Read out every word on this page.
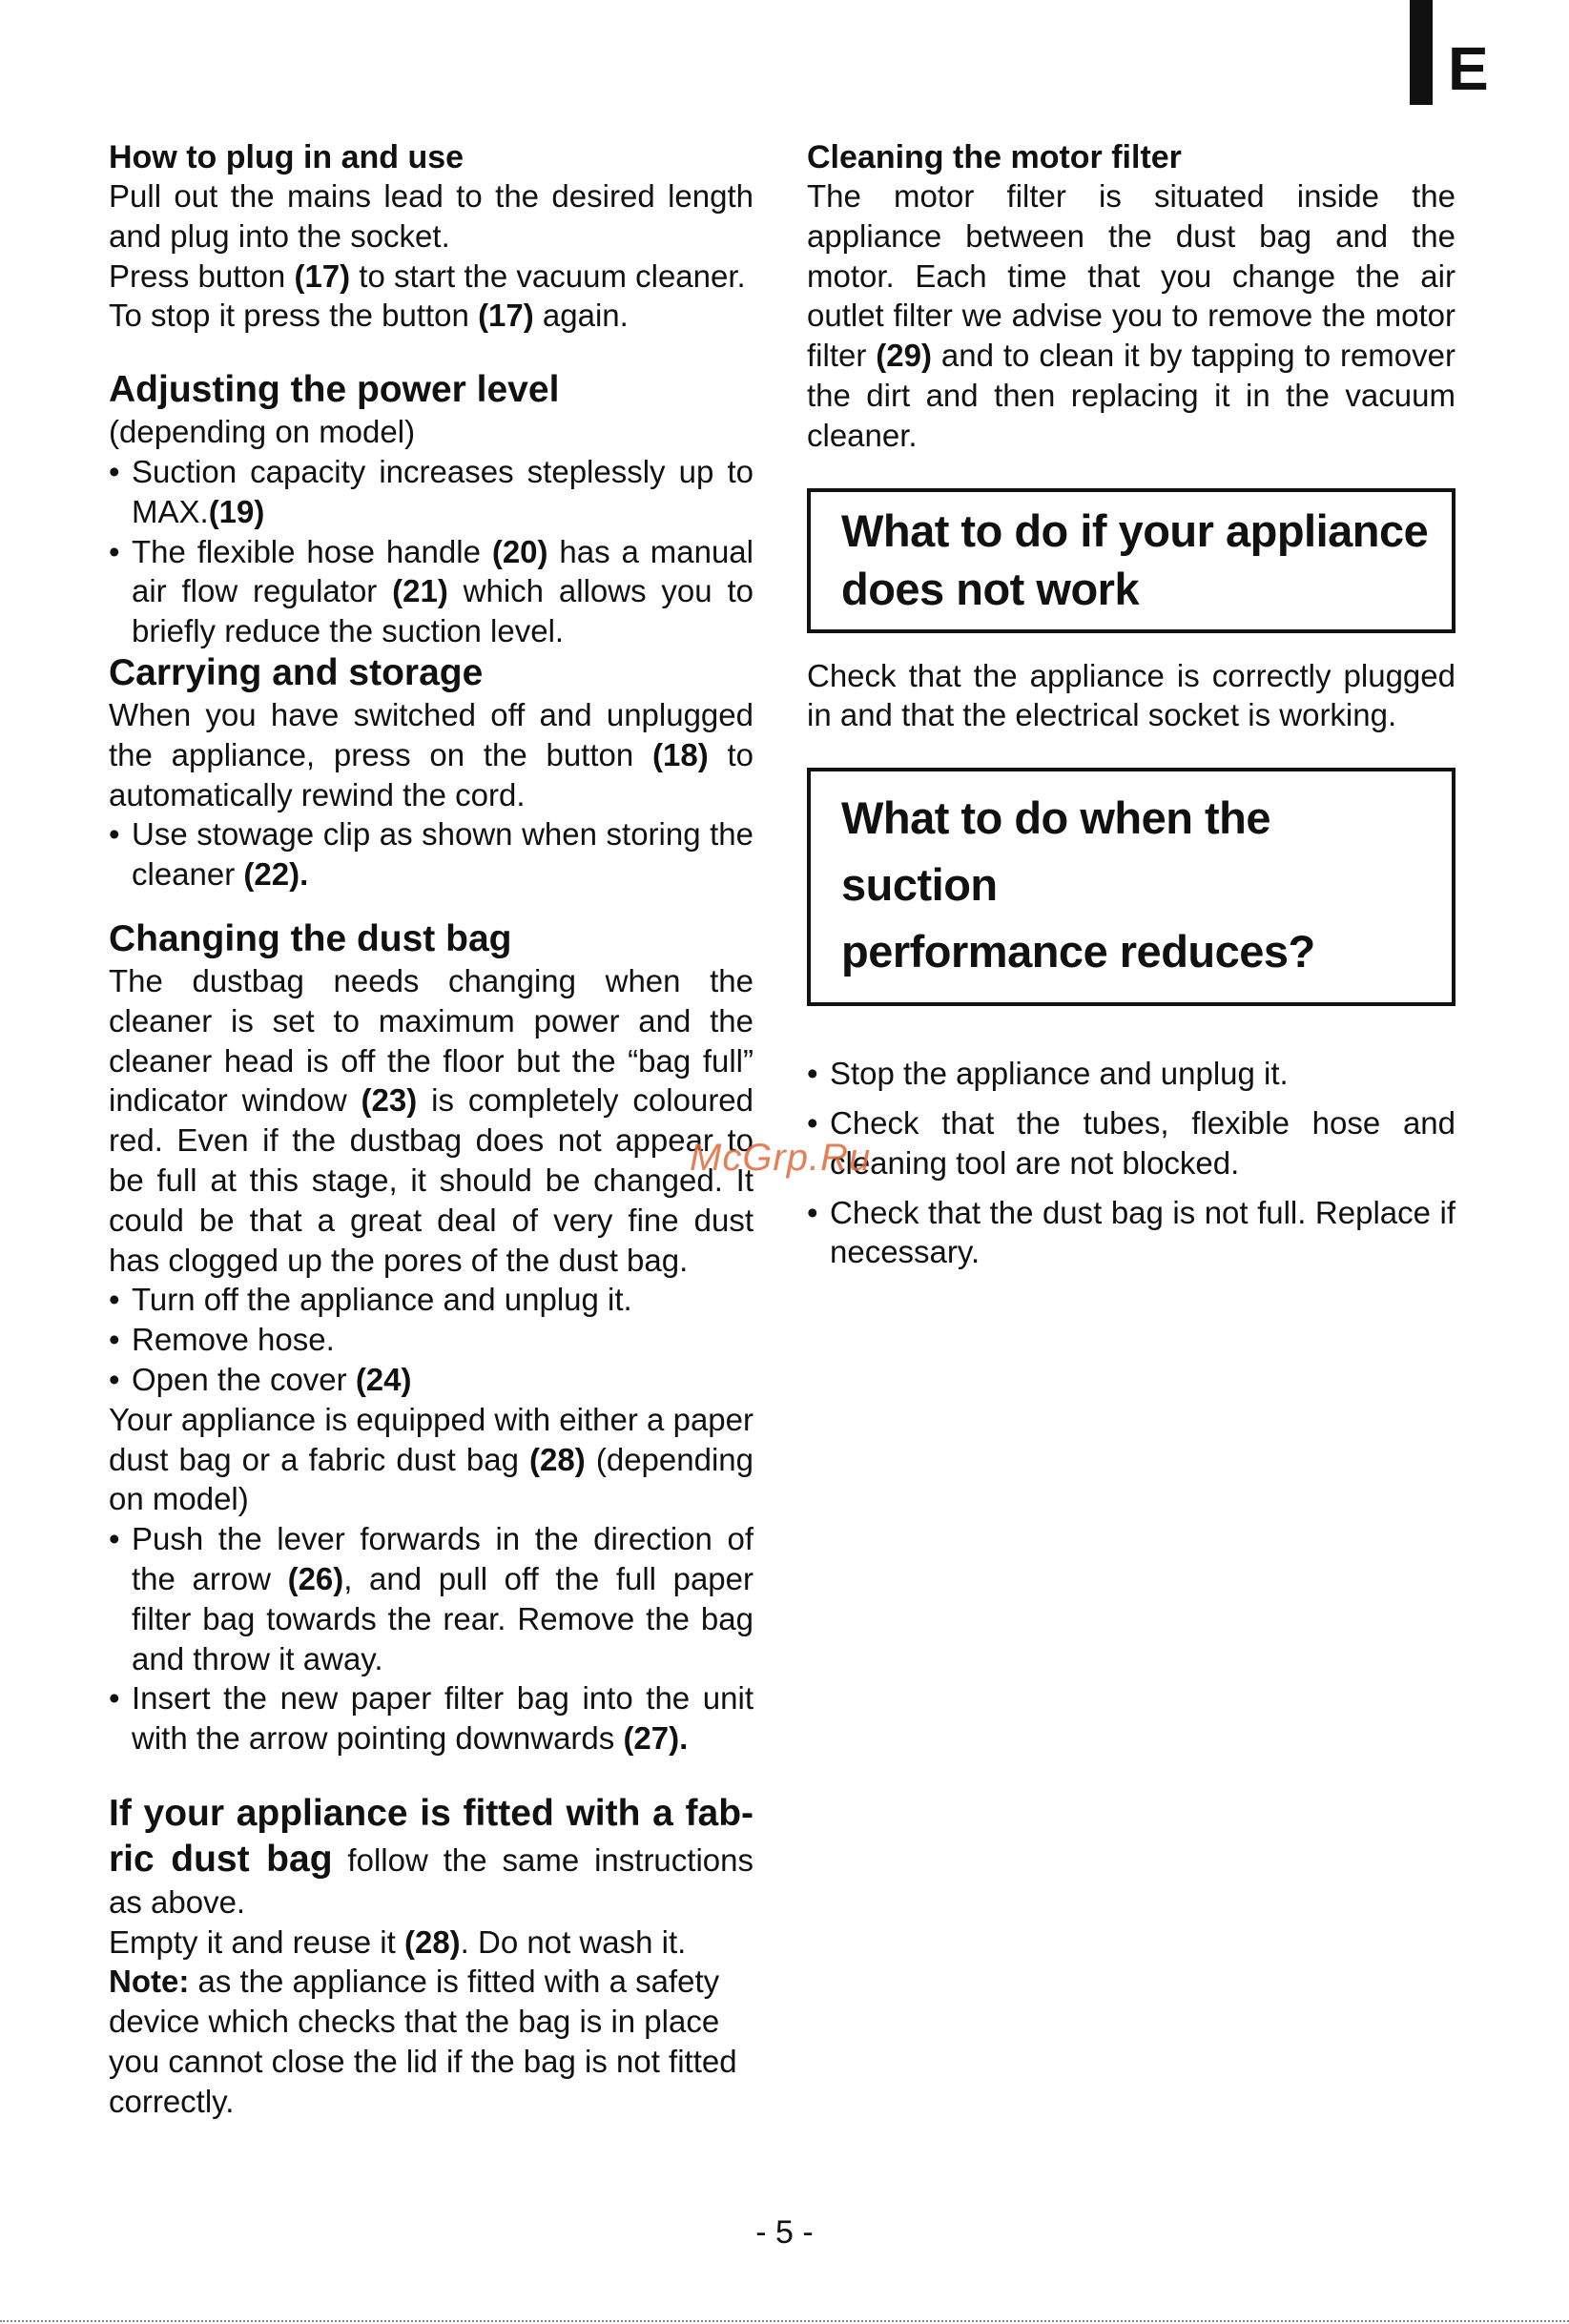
E
How to plug in and use

Pull out the mains lead to the desired length and plug into the socket.

Press button (17) to start the vacuum cleaner.

To stop it press the button (17) again.

Adjusting the power level

(depending on model)

• Suction capacity increases steplessly up to MAX.(19)
• The flexible hose handle (20) has a manual air flow regulator (21) which allows you to briefly reduce the suction level.
Carrying and storage

When you have switched off and unplugged the appliance, press on the button (18) to automatically rewind the cord.

• Use stowage clip as shown when storing the cleaner (22).
Changing the dust bag

The dustbag needs changing when the cleaner is set to maximum power and the cleaner head is off the floor but the “bag full” indicator window (23) is completely coloured red. Even if the dustbag does not appear to be full at this stage, it should be changed. It could be that a great deal of very fine dust has clogged up the pores of the dust bag.

• Turn off the appliance and unplug it.
• Remove hose.
• Open the cover (24)

Your appliance is equipped with either a paper dust bag or a fabric dust bag (28) (depending on model)

• Push the lever forwards in the direction of the arrow (26), and pull off the full paper filter bag towards the rear. Remove the bag and throw it away.
• Insert the new paper filter bag into the unit with the arrow pointing downwards (27).

If your appliance is fitted with a fab-ric dust bag follow the same instructions as above.

Empty it and reuse it (28). Do not wash it.

Note: as the appliance is fitted with a safety device which checks that the bag is in place you cannot close the lid if the bag is not fitted correctly.

Cleaning the motor filter

The motor filter is situated inside the appliance between the dust bag and the motor. Each time that you change the air outlet filter we advise you to remove the motor filter (29) and to clean it by tapping to remover the dirt and then replacing it in the vacuum cleaner.

What to do if your appliance
does not work

Check that the appliance is correctly plugged in and that the electrical socket is working.

What to do when the suction
performance reduces?
• Stop the appliance and unplug it.
• Check that the tubes, flexible hose and cleaning tool are not blocked.
• Check that the dust bag is not full. Replace if necessary.
McGrp.Ru
- 5 -
